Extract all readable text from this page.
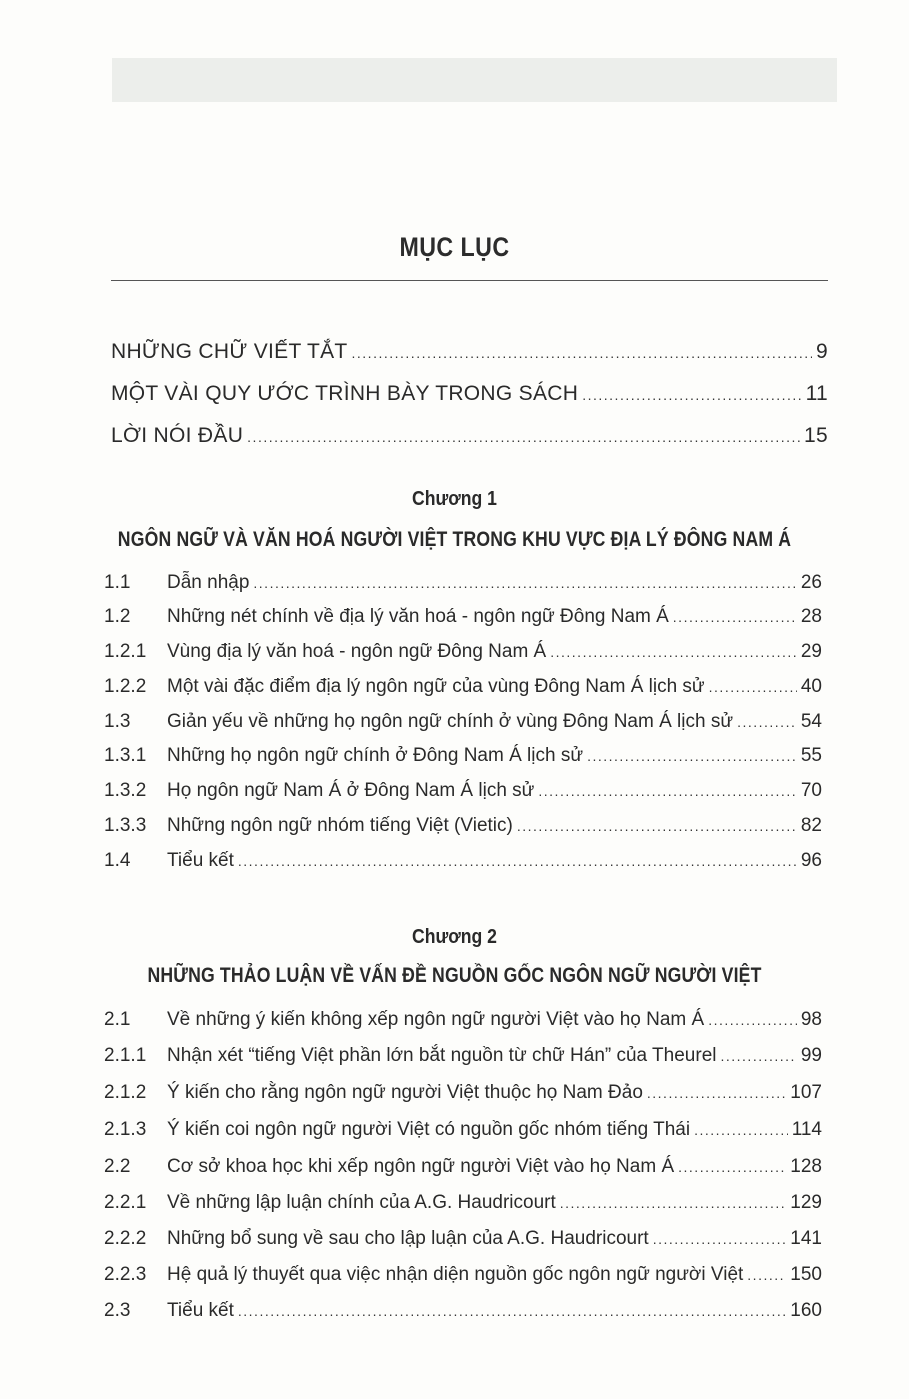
MỤC LỤC
NHỮNG CHỮ VIẾT TẮT .....	9
MỘT VÀI QUY ƯỚC TRÌNH BÀY TRONG SÁCH .....	11
LỜI NÓI ĐẦU .....	15
Chương 1
NGÔN NGỮ VÀ VĂN HOÁ NGƯỜI VIỆT TRONG KHU VỰC ĐỊA LÝ ĐÔNG NAM Á
1.1	Dẫn nhập .....	26
1.2	Những nét chính về địa lý văn hoá - ngôn ngữ Đông Nam Á .....	28
1.2.1	Vùng địa lý văn hoá - ngôn ngữ Đông Nam Á .....	29
1.2.2	Một vài đặc điểm địa lý ngôn ngữ của vùng Đông Nam Á lịch sử .....	40
1.3	Giản yếu về những họ ngôn ngữ chính ở vùng Đông Nam Á lịch sử .....	54
1.3.1	Những họ ngôn ngữ chính ở Đông Nam Á lịch sử .....	55
1.3.2	Họ ngôn ngữ Nam Á ở Đông Nam Á lịch sử .....	70
1.3.3	Những ngôn ngữ nhóm tiếng Việt (Vietic) .....	82
1.4	Tiểu kết .....	96
Chương 2
NHỮNG THẢO LUẬN VỀ VẤN ĐỀ NGUỒN GỐC NGÔN NGỮ NGƯỜI VIỆT
2.1	Về những ý kiến không xếp ngôn ngữ người Việt vào họ Nam Á .....	98
2.1.1	Nhận xét “tiếng Việt phần lớn bắt nguồn từ chữ Hán” của Theurel .....	99
2.1.2	Ý kiến cho rằng ngôn ngữ người Việt thuộc họ Nam Đảo .....	107
2.1.3	Ý kiến coi ngôn ngữ người Việt có nguồn gốc nhóm tiếng Thái .....	114
2.2	Cơ sở khoa học khi xếp ngôn ngữ người Việt vào họ Nam Á .....	128
2.2.1	Về những lập luận chính của A.G. Haudricourt .....	129
2.2.2	Những bổ sung về sau cho lập luận của A.G. Haudricourt .....	141
2.2.3	Hệ quả lý thuyết qua việc nhận diện nguồn gốc ngôn ngữ người Việt ..... 150
2.3	Tiểu kết .....	160
